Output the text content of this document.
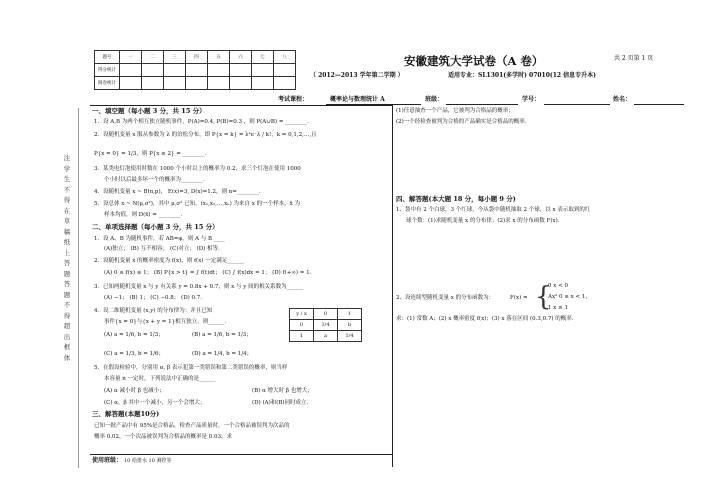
题号	一	二	三	四	五	六	七	八
得分统计								
阅卷统计								
安徽建筑大学试卷（A 卷）	共 2 页第 1 页
（ 2012—2013 学年第二学期 ）	适用专业：SL1301(多学时) 07010(12 信息专升本)
考试课程：	概率论与数理统计 A	班级：	学号：	姓名：
注
学
生
不
得
在
草
稿
纸
上
答
题
答
题
不
得
超
出
框
体
一、填空题（每小题 3 分，共 15 分）
1．设 A,B 为两个相互独立随机事件，P(A)=0.4, P(B)=0.3 ，则 P(A∪B) = ________.
2．设随机变量 x 服从参数为 λ 的泊松分布，即 P{x = k} = λᵏe⁻λ / k!，k = 0,1,2,…,且
P{x = 0} = 1/3，则 P{x ≥ 2} = ________.
3．某类电灯泡使用时数在 1000 个小时以上的概率为 0.2，求三个灯泡在使用 1000
个小时以后最多坏一个的概率为________.
4．设随机变量 x ~ B(n,p)， E(x)=3, D(x)=1.2，则 n=________.
5．设总体 x ~ N(μ,σ²)，其中 μ,σ² 已知，(x₁,x₂,…,xₙ) 为来自 x 的一个样本，x̄ 为
样本均值，则 D(x̄) = ________.
二、单项选择题（每小题 3 分，共 15 分）
1．设 A、B 为随机事件，若 AB=φ，则 A 与 B ____
(A)独立； (B) 互不相容； (C)对立； (D) 相等.
2．设随机变量 x 的概率密度为 f(x)，则 f(x) 一定满足______
(A) 0 ≤ f(x) ≤ 1； (B) P{x > t} = ∫ f(t)dt； (C) ∫ f(x)dx = 1； (D) f(+∞) = 1.
3．已知两随机变量 x 与 y 有关系 y = 0.8x + 0.7，则 x 与 y 间的相关系数为______
(A) −1； (B) 1； (C) −0.8； (D) 0.7．
4．设二维随机变量 (x,y) 的分布律为：并且已知
事件{x = 0}与{x + y = 1}相互独立，则______.
(A) a = 1/6, b = 1/3；	(B) a = 1/6, b = 1/3；
(C) a = 1/3, b = 1/6；	(D) a = 1/4, b = 1/4；
y / x	0	1
0	1/4	b
1	a	1/4
5．在假设检验中，分别用 α, β 表示犯第一类错误和第二类错误的概率，则当样
本容量 n 一定时，下列说法中正确的是______
(A) α 减小时 β 也减小；	(B) α 增大时 β 也增大；
(C) α，β 其中一个减小，另一个会增大；	(D) (A)和(B)同时成立.
三、解答题(本题10分)
已知一批产品中有 95%是合格品，检查产品质量时，一个合格品被误判为次品的
概率 0.02，一个次品被误判为合格品的概率是 0.03，求
使用班级： 10 给排水 10 测控等
(1)任意抽查一个产品，它被判为合格品的概率；
(2)一个经检查被判为合格的产品确实是合格品的概率.
四、解答题(本大题 18 分，每小题 9 分)
1、袋中有 2 个白球，3 个红球，今从袋中随机抽取 2 个球，以 x 表示取到的红
球个数：(1)求随机变量 x 的分布律；(2)求 x 的分布函数 F(x).
2、设连续型随机变量 x 的分布函数为：	F(x) = {
0 x < 0
Ax² 0 ≤ x < 1，
1 x ≥ 1
求：(1) 常数 A；(2) x 概率密度 f(x)；(3) x 落在区间 (0.3,0.7) 的概率.
